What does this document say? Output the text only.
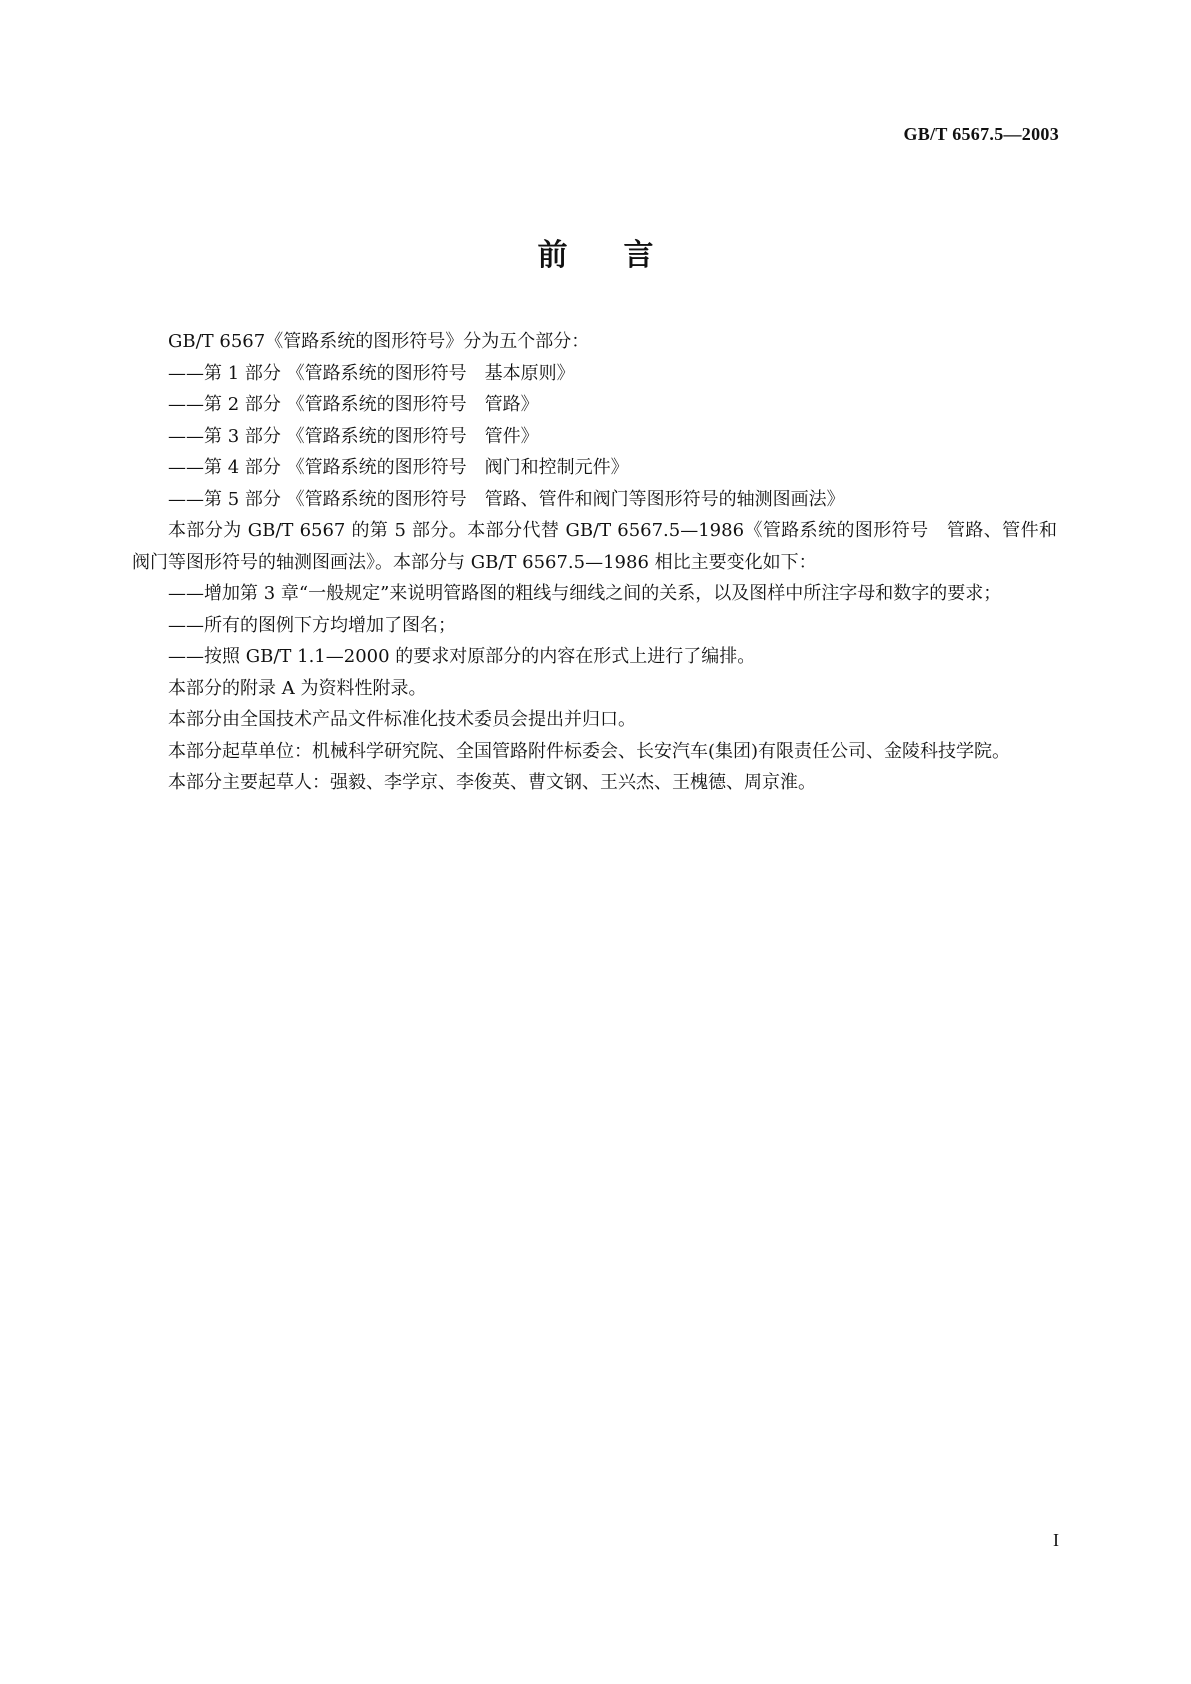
GB/T 6567.5—2003
前言

GB/T 6567《管路系统的图形符号》分为五个部分：

——第 1 部分 《管路系统的图形符号　基本原则》

——第 2 部分 《管路系统的图形符号　管路》

——第 3 部分 《管路系统的图形符号　管件》

——第 4 部分 《管路系统的图形符号　阀门和控制元件》

——第 5 部分 《管路系统的图形符号　管路、管件和阀门等图形符号的轴测图画法》

本部分为 GB/T 6567 的第 5 部分。本部分代替 GB/T 6567.5—1986《管路系统的图形符号　管路、管件和阀门等图形符号的轴测图画法》。本部分与 GB/T 6567.5—1986 相比主要变化如下：

——增加第 3 章“一般规定”来说明管路图的粗线与细线之间的关系，以及图样中所注字母和数字的要求；

——所有的图例下方均增加了图名；

——按照 GB/T 1.1—2000 的要求对原部分的内容在形式上进行了编排。

本部分的附录 A 为资料性附录。

本部分由全国技术产品文件标准化技术委员会提出并归口。

本部分起草单位：机械科学研究院、全国管路附件标委会、长安汽车(集团)有限责任公司、金陵科技学院。

本部分主要起草人：强毅、李学京、李俊英、曹文钢、王兴杰、王槐德、周京淮。

I
